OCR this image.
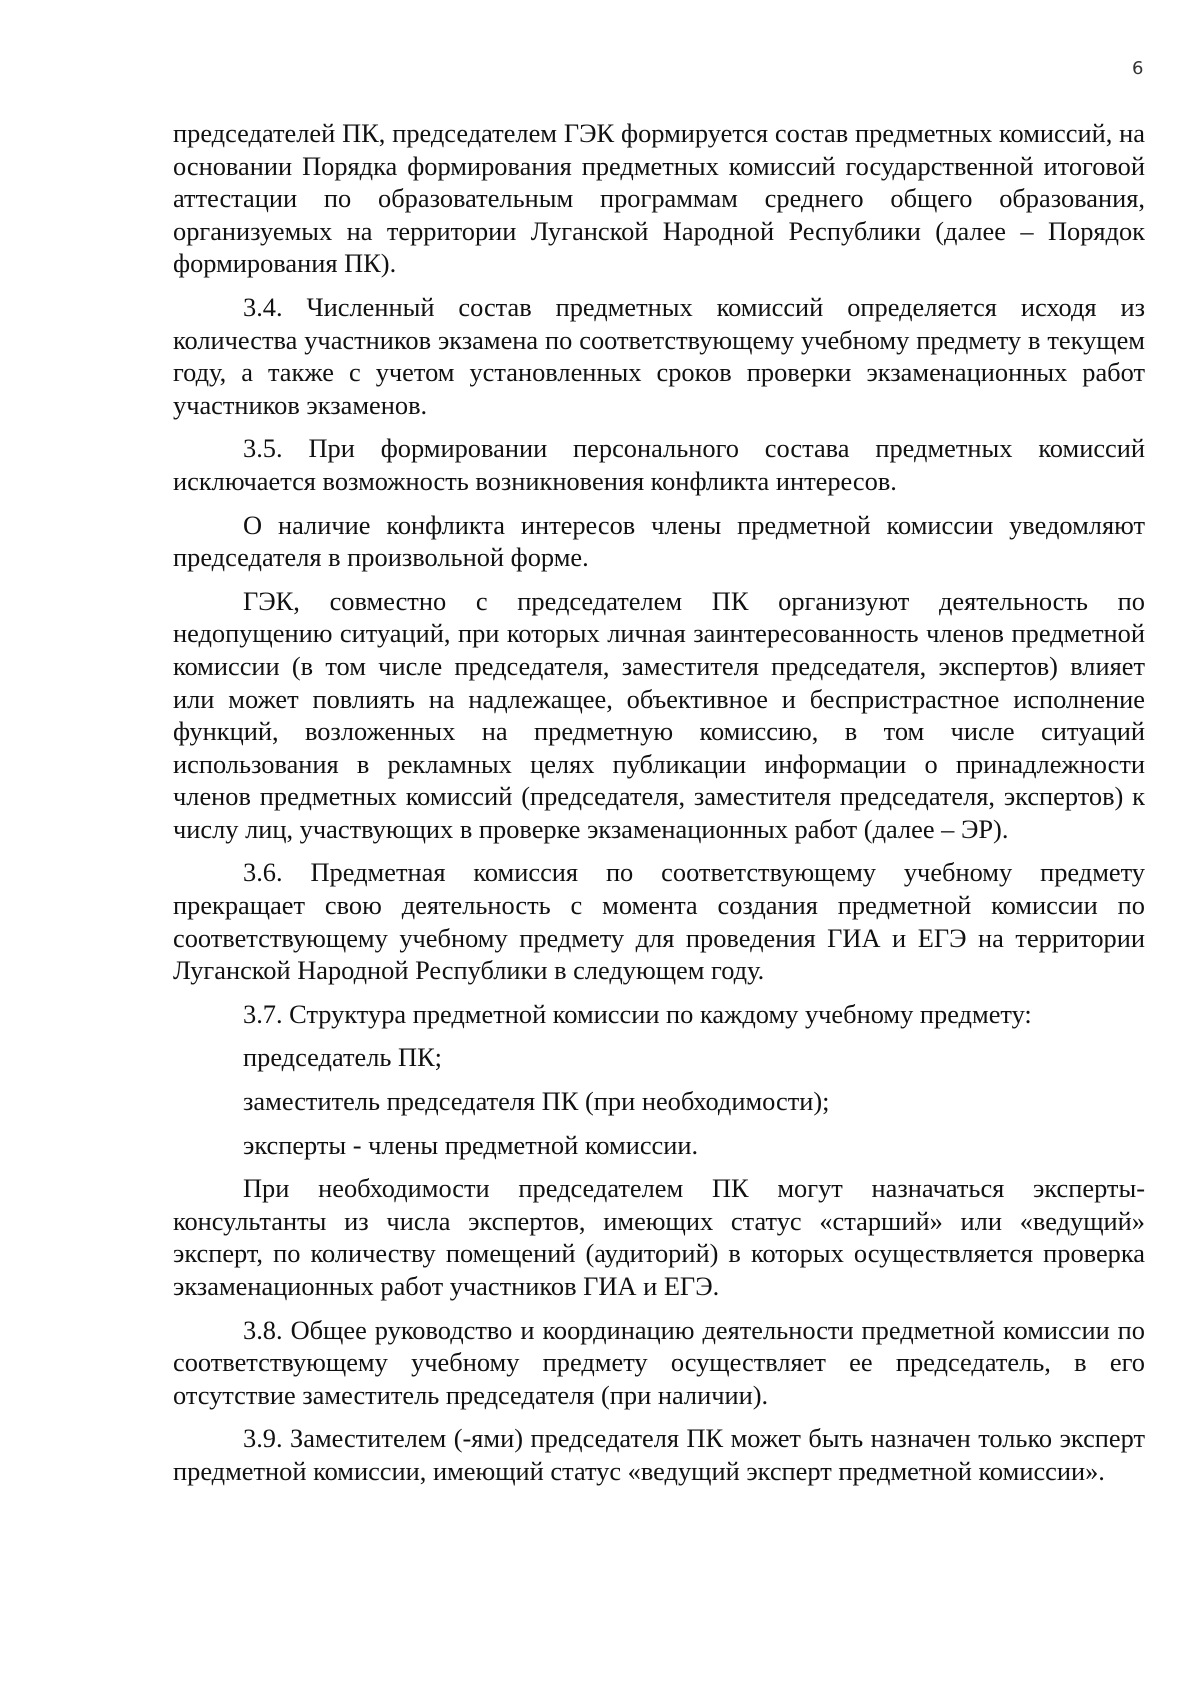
6

председателей ПК, председателем ГЭК формируется состав предметных комиссий, на основании Порядка формирования предметных комиссий государственной итоговой аттестации по образовательным программам среднего общего образования, организуемых на территории Луганской Народной Республики (далее – Порядок формирования ПК).

3.4. Численный состав предметных комиссий определяется исходя из количества участников экзамена по соответствующему учебному предмету в текущем году, а также с учетом установленных сроков проверки экзаменационных работ участников экзаменов.

3.5. При формировании персонального состава предметных комиссий исключается возможность возникновения конфликта интересов.

О наличие конфликта интересов члены предметной комиссии уведомляют председателя в произвольной форме.

ГЭК, совместно с председателем ПК организуют деятельность по недопущению ситуаций, при которых личная заинтересованность членов предметной комиссии (в том числе председателя, заместителя председателя, экспертов) влияет или может повлиять на надлежащее, объективное и беспристрастное исполнение функций, возложенных на предметную комиссию, в том числе ситуаций использования в рекламных целях публикации информации о принадлежности членов предметных комиссий (председателя, заместителя председателя, экспертов) к числу лиц, участвующих в проверке экзаменационных работ (далее – ЭР).

3.6. Предметная комиссия по соответствующему учебному предмету прекращает свою деятельность с момента создания предметной комиссии по соответствующему учебному предмету для проведения ГИА и ЕГЭ на территории Луганской Народной Республики в следующем году.

3.7. Структура предметной комиссии по каждому учебному предмету:

председатель ПК;

заместитель председателя ПК (при необходимости);

эксперты - члены предметной комиссии.

При необходимости председателем ПК могут назначаться эксперты-консультанты из числа экспертов, имеющих статус «старший» или «ведущий» эксперт, по количеству помещений (аудиторий) в которых осуществляется проверка экзаменационных работ участников ГИА и ЕГЭ.

3.8. Общее руководство и координацию деятельности предметной комиссии по соответствующему учебному предмету осуществляет ее председатель, в его отсутствие заместитель председателя (при наличии).

3.9. Заместителем (-ями) председателя ПК может быть назначен только эксперт предметной комиссии, имеющий статус «ведущий эксперт предметной комиссии».
